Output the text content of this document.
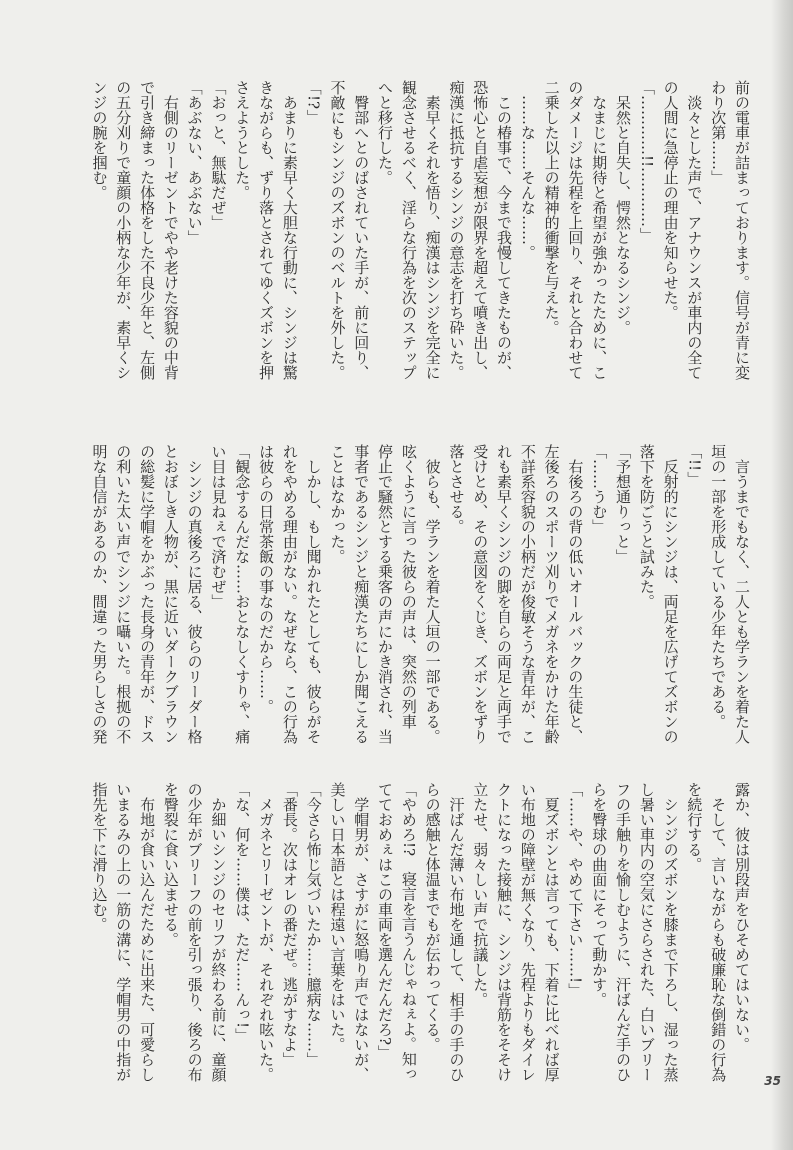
前の電車が詰まっております。信号が青に変
わり次第……」
　淡々とした声で、アナウンスが車内の全て
の人間に急停止の理由を知らせた。
「…………!!…………」
　呆然と自失し、愕然となるシンジ。
　なまじに期待と希望が強かったために、こ
のダメージは先程を上回り、それと合わせて
二乗した以上の精神的衝撃を与えた。
　……な……そんな……。
　この椿事で、今まで我慢してきたものが、
恐怖心と自虐妄想が限界を超えて噴き出し、
痴漢に抵抗するシンジの意志を打ち砕いた。
　素早くそれを悟り、痴漢はシンジを完全に
観念させるべく、淫らな行為を次のステップ
へと移行した。
　臀部へとのばされていた手が、前に回り、
不敵にもシンジのズボンのベルトを外した。
「!?」
　あまりに素早く大胆な行動に、シンジは驚
きながらも、ずり落とされてゆくズボンを押
さえようとした。
「おっと、無駄だぜ」
「あぶない、あぶない」
　右側のリーゼントでやや老けた容貌の中背
で引き締まった体格をした不良少年と、左側
の五分刈りで童顔の小柄な少年が、素早くシ
ンジの腕を掴む。
　言うまでもなく、二人とも学ランを着た人
垣の一部を形成している少年たちである。
「!!」
　反射的にシンジは、両足を広げてズボンの
落下を防ごうと試みた。
「予想通りっと」
「……うむ」
　右後ろの背の低いオールバックの生徒と、
左後ろのスポーツ刈りでメガネをかけた年齢
不詳系容貌の小柄だが俊敏そうな青年が、こ
れも素早くシンジの脚を自らの両足と両手で
受けとめ、その意図をくじき、ズボンをずり
落とさせる。
　彼らも、学ランを着た人垣の一部である。
呟くように言った彼らの声は、突然の列車
停止で騒然とする乗客の声にかき消され、当
事者であるシンジと痴漢たちにしか聞こえる
ことはなかった。
　しかし、もし聞かれたとしても、彼らがそ
れをやめる理由がない。なぜなら、この行為
は彼らの日常茶飯の事なのだから……。
「観念するんだな……おとなしくすりゃ、痛
い目は見ねぇで済むぜ」
　シンジの真後ろに居る、彼らのリーダー格
とおぼしき人物が、黒に近いダークブラウン
の総髪に学帽をかぶった長身の青年が、ドス
の利いた太い声でシンジに囁いた。根拠の不
明な自信があるのか、間違った男らしさの発
露か、彼は別段声をひそめてはいない。
　そして、言いながらも破廉恥な倒錯の行為
を続行する。
　シンジのズボンを膝まで下ろし、湿った蒸
し暑い車内の空気にさらされた、白いブリー
フの手触りを愉しむように、汗ばんだ手のひ
らを臀球の曲面にそって動かす。
「……や、やめて下さい……!」
　夏ズボンとは言っても、下着に比べれば厚
い布地の障壁が無くなり、先程よりもダイレ
クトになった接触に、シンジは背筋をそそけ
立たせ、弱々しい声で抗議した。
　汗ばんだ薄い布地を通して、相手の手のひ
らの感触と体温までもが伝わってくる。
「やめろ!?　寝言を言うんじゃねぇよ。知っ
てておめぇはこの車両を選んだんだろ?」
　学帽男が、さすがに怒鳴り声ではないが、
美しい日本語とは程遠い言葉をはいた。
「今さら怖じ気づいたか……臆病な……」
「番長。次はオレの番だぜ。逃がすなよ」
　メガネとリーゼントが、それぞれ呟いた。
「な、何を……僕は、ただ……んっ!」
　か細いシンジのセリフが終わる前に、童顔
の少年がブリーフの前を引っ張り、後ろの布
を臀裂に食い込ませる。
　布地が食い込んだために出来た、可愛らし
いまるみの上の一筋の溝に、学帽男の中指が
指先を下に滑り込む。
35
